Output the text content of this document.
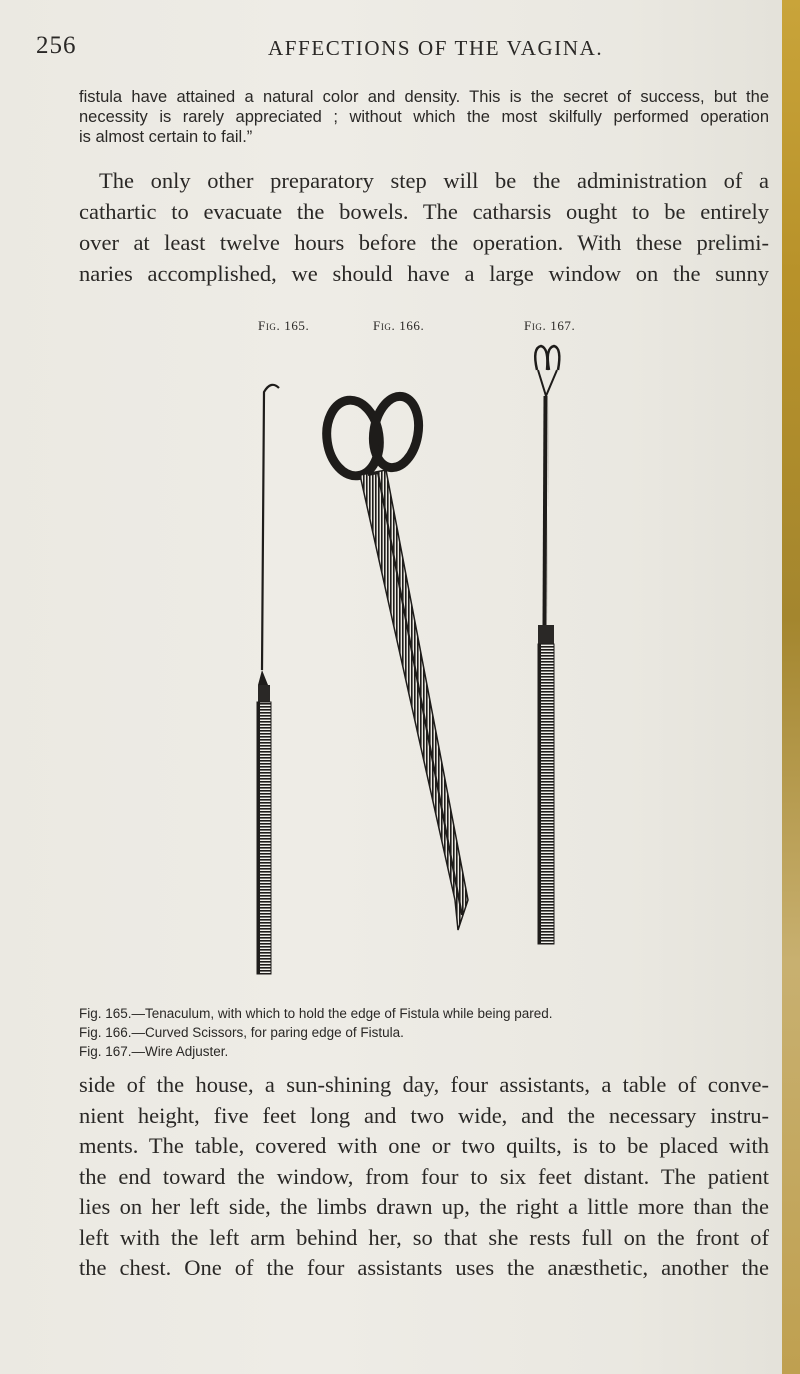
256	AFFECTIONS OF THE VAGINA.
fistula have attained a natural color and density. This is the secret of success, but the
necessity is rarely appreciated ; without which the most skilfully performed operation
is almost certain to fail.”
The only other preparatory step will be the administration of a
cathartic to evacuate the bowels. The catharsis ought to be entirely
over at least twelve hours before the operation. With these prelimi-
naries accomplished, we should have a large window on the sunny
Fig. 165.	Fig. 166.	Fig. 167.
Fig. 165.—Tenaculum, with which to hold the edge of Fistula while being pared.
Fig. 166.—Curved Scissors, for paring edge of Fistula.
Fig. 167.—Wire Adjuster.
side of the house, a sun-shining day, four assistants, a table of conve-
nient height, five feet long and two wide, and the necessary instru-
ments. The table, covered with one or two quilts, is to be placed with
the end toward the window, from four to six feet distant. The patient
lies on her left side, the limbs drawn up, the right a little more than the
left with the left arm behind her, so that she rests full on the front of
the chest. One of the four assistants uses the anæsthetic, another the
